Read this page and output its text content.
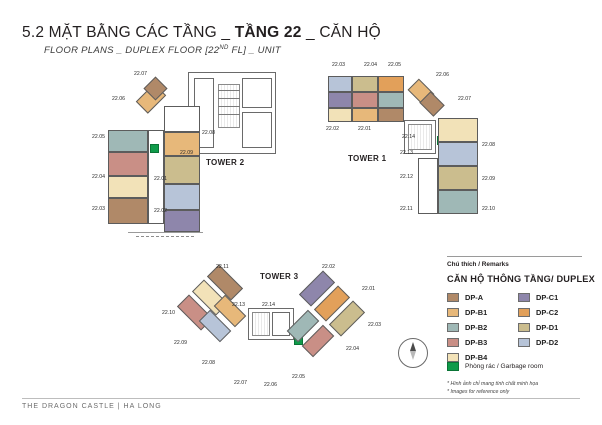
5.2 MẶT BẰNG CÁC TẦNG _ TẦNG 22 _ CĂN HỘ
FLOOR PLANS _ DUPLEX FLOOR [22ND FL] _ UNIT
22.07
22.06
22.05
22.04
22.03
22.08
22.09
22.01
22.02
TOWER 2
22.03	22.04 22.05
22.02	22.01
22.06
22.07
22.14
22.13
22.08
22.12	22.09
22.11	22.10
TOWER 1
22.11
22.10
22.09
22.08
22.07
22.13	22.14
22.06
22.05
22.02
22.01
22.03
22.04
TOWER 3
Chú thích / Remarks
CĂN HỘ THÔNG TẦNG/ DUPLEX
DP-A
DP-B1
DP-B2
DP-B3
DP-B4
DP-C1
DP-C2
DP-D1
DP-D2
Phòng rác / Garbage room
* Hình ảnh chỉ mang tính chất minh họa
* Images for reference only
THE DRAGON CASTLE | HA LONG
